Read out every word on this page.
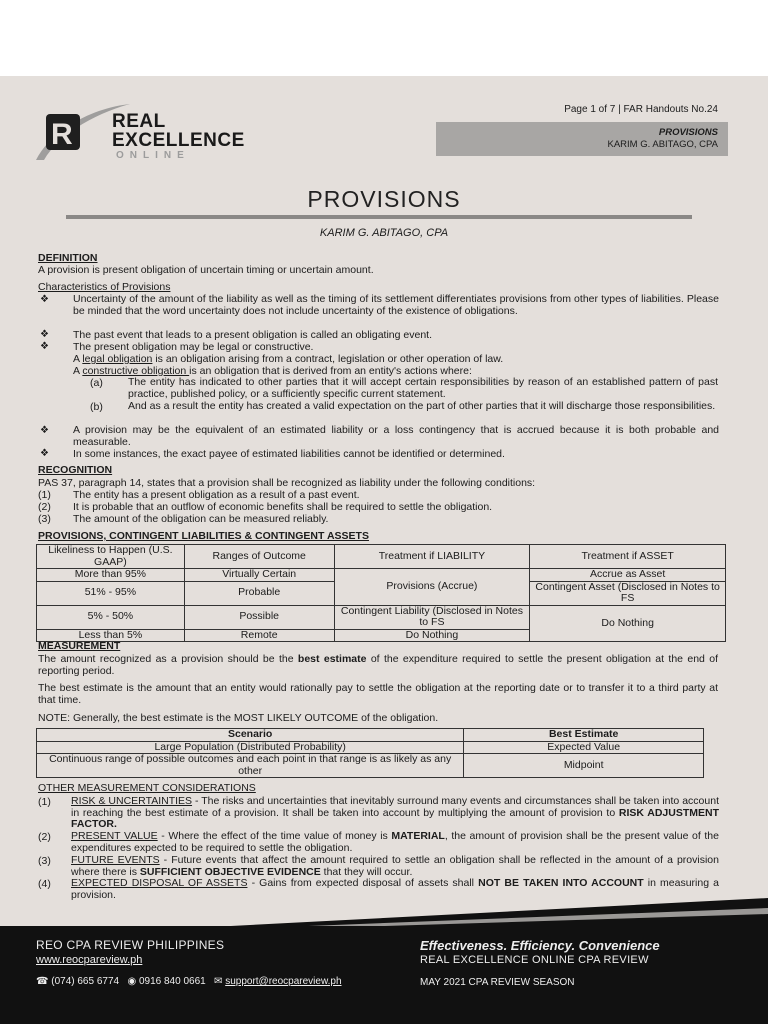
R REAL
EXCELLENCE
ONLINE
Page 1 of 7 | FAR Handouts No.24
PROVISIONS
KARIM G. ABITAGO, CPA
PROVISIONS
KARIM G. ABITAGO, CPA
DEFINITION
A provision is present obligation of uncertain timing or uncertain amount.
Characteristics of Provisions
❖ Uncertainty of the amount of the liability as well as the timing of its settlement differentiates provisions from other types of liabilities. Please be minded that the word uncertainty does not include uncertainty of the existence of obligations.
❖ The past event that leads to a present obligation is called an obligating event.
❖ The present obligation may be legal or constructive.
A legal obligation is an obligation arising from a contract, legislation or other operation of law.
A constructive obligation is an obligation that is derived from an entity's actions where:
(a) The entity has indicated to other parties that it will accept certain responsibilities by reason of an established pattern of past practice, published policy, or a sufficiently specific current statement.
(b) And as a result the entity has created a valid expectation on the part of other parties that it will discharge those responsibilities.
❖ A provision may be the equivalent of an estimated liability or a loss contingency that is accrued because it is both probable and measurable.
❖ In some instances, the exact payee of estimated liabilities cannot be identified or determined.
RECOGNITION
PAS 37, paragraph 14, states that a provision shall be recognized as liability under the following conditions:
(1) The entity has a present obligation as a result of a past event.
(2) It is probable that an outflow of economic benefits shall be required to settle the obligation.
(3) The amount of the obligation can be measured reliably.
PROVISIONS, CONTINGENT LIABILITIES & CONTINGENT ASSETS
Likeliness to Happen (U.S. GAAP)	Ranges of Outcome	Treatment if LIABILITY	Treatment if ASSET
More than 95%	Virtually Certain	Provisions (Accrue)	Accrue as Asset
51% - 95%	Probable		Contingent Asset (Disclosed in Notes to FS
5% - 50%	Possible	Contingent Liability (Disclosed in Notes to FS	Do Nothing
Less than 5%	Remote	Do Nothing	
MEASUREMENT
The amount recognized as a provision should be the best estimate of the expenditure required to settle the present obligation at the end of reporting period.
The best estimate is the amount that an entity would rationally pay to settle the obligation at the reporting date or to transfer it to a third party at that time.
NOTE: Generally, the best estimate is the MOST LIKELY OUTCOME of the obligation.
Scenario	Best Estimate
Large Population (Distributed Probability)	Expected Value
Continuous range of possible outcomes and each point in that range is as likely as any other	Midpoint
OTHER MEASUREMENT CONSIDERATIONS
(1) RISK & UNCERTAINTIES - The risks and uncertainties that inevitably surround many events and circumstances shall be taken into account in reaching the best estimate of a provision. It shall be taken into account by multiplying the amount of provision to RISK ADJUSTMENT FACTOR.
(2) PRESENT VALUE - Where the effect of the time value of money is MATERIAL, the amount of provision shall be the present value of the expenditures expected to be required to settle the obligation.
(3) FUTURE EVENTS - Future events that affect the amount required to settle an obligation shall be reflected in the amount of a provision where there is SUFFICIENT OBJECTIVE EVIDENCE that they will occur.
(4) EXPECTED DISPOSAL OF ASSETS - Gains from expected disposal of assets shall NOT BE TAKEN INTO ACCOUNT in measuring a provision.
REO CPA REVIEW PHILIPPINES
www.reocpareview.ph
☎ (074) 665 6774 ◉ 0916 840 0661 ✉ support@reocpareview.ph
Effectiveness. Efficiency. Convenience
REAL EXCELLENCE ONLINE CPA REVIEW
MAY 2021 CPA REVIEW SEASON
